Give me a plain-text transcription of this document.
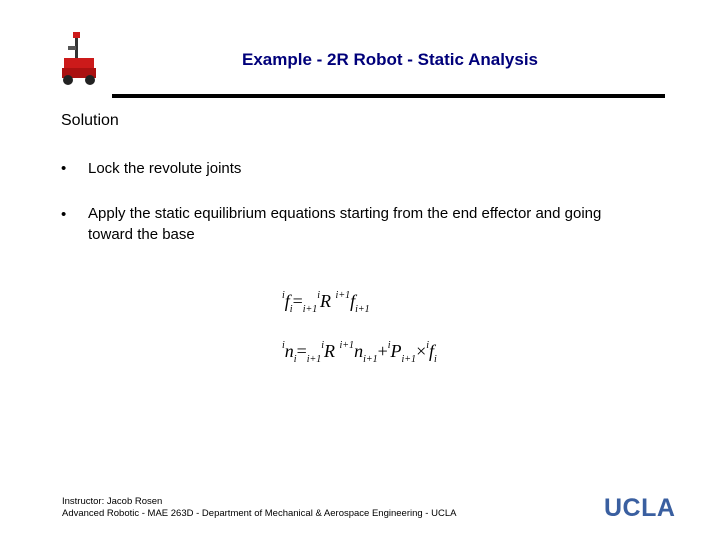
Example - 2R Robot - Static Analysis
Solution
• Lock the revolute joints
• Apply the static equilibrium equations starting from the end effector and going toward the base
$^if_i=_{i+1}^iR$ $^{i+1}f_{i+1}$
$^in_i=_{i+1}^iR$ $^{i+1}n_{i+1}+^iP_{i+1}\times^if_i$
Instructor: Jacob Rosen
Advanced Robotic - MAE 263D - Department of Mechanical & Aerospace Engineering - UCLA	UCLA
